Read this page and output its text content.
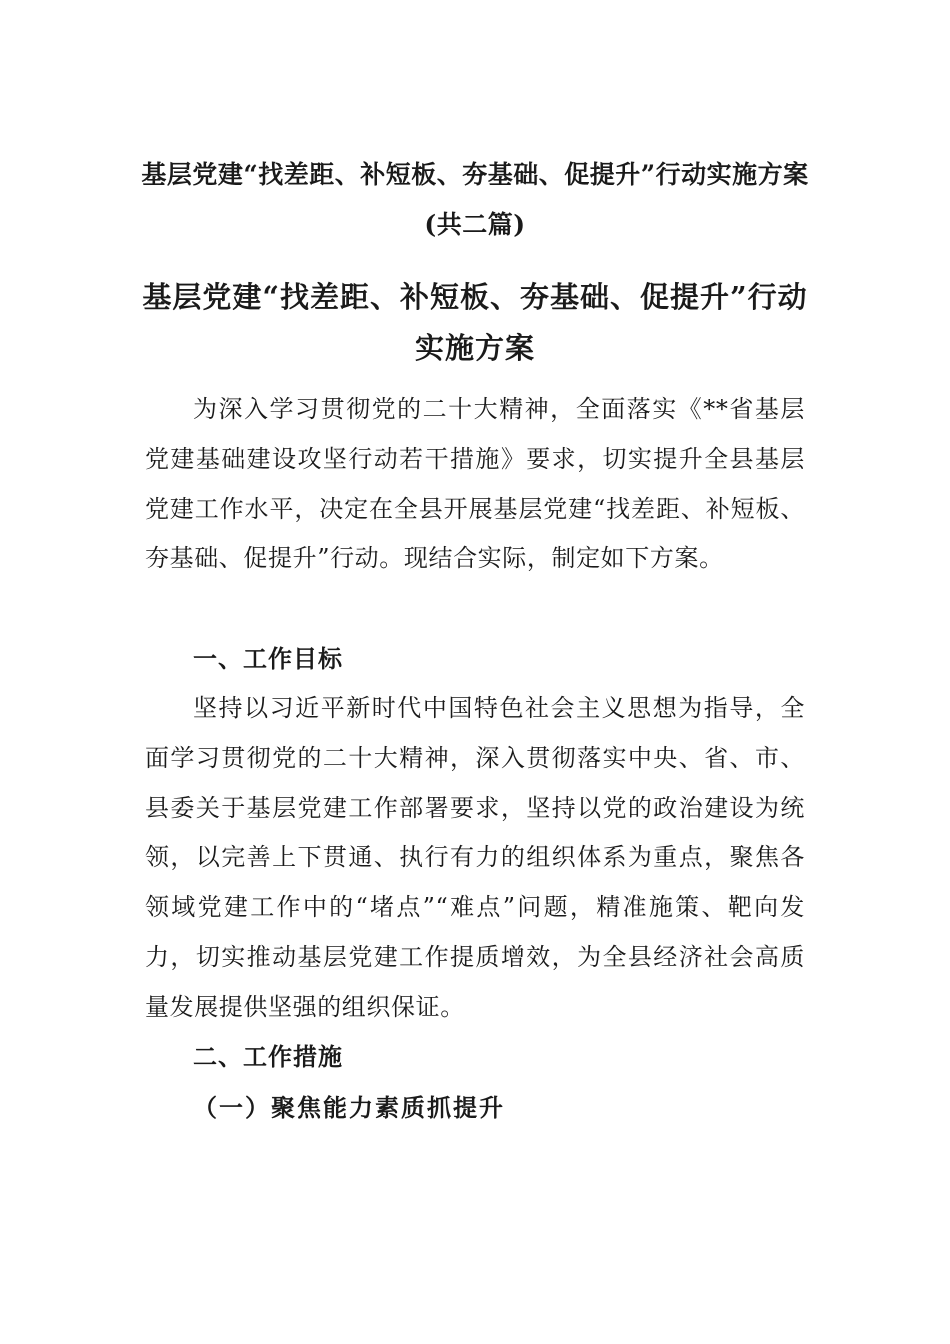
基层党建“找差距、补短板、夯基础、促提升”行动实施方案(共二篇)
基层党建“找差距、补短板、夯基础、促提升”行动实施方案

为深入学习贯彻党的二十大精神，全面落实《**省基层党建基础建设攻坚行动若干措施》要求，切实提升全县基层党建工作水平，决定在全县开展基层党建“找差距、补短板、夯基础、促提升”行动。现结合实际，制定如下方案。

一、工作目标

坚持以习近平新时代中国特色社会主义思想为指导，全面学习贯彻党的二十大精神，深入贯彻落实中央、省、市、县委关于基层党建工作部署要求，坚持以党的政治建设为统领，以完善上下贯通、执行有力的组织体系为重点，聚焦各领域党建工作中的“堵点”“难点”问题，精准施策、靶向发力，切实推动基层党建工作提质增效，为全县经济社会高质量发展提供坚强的组织保证。

二、工作措施

（一）聚焦能力素质抓提升
